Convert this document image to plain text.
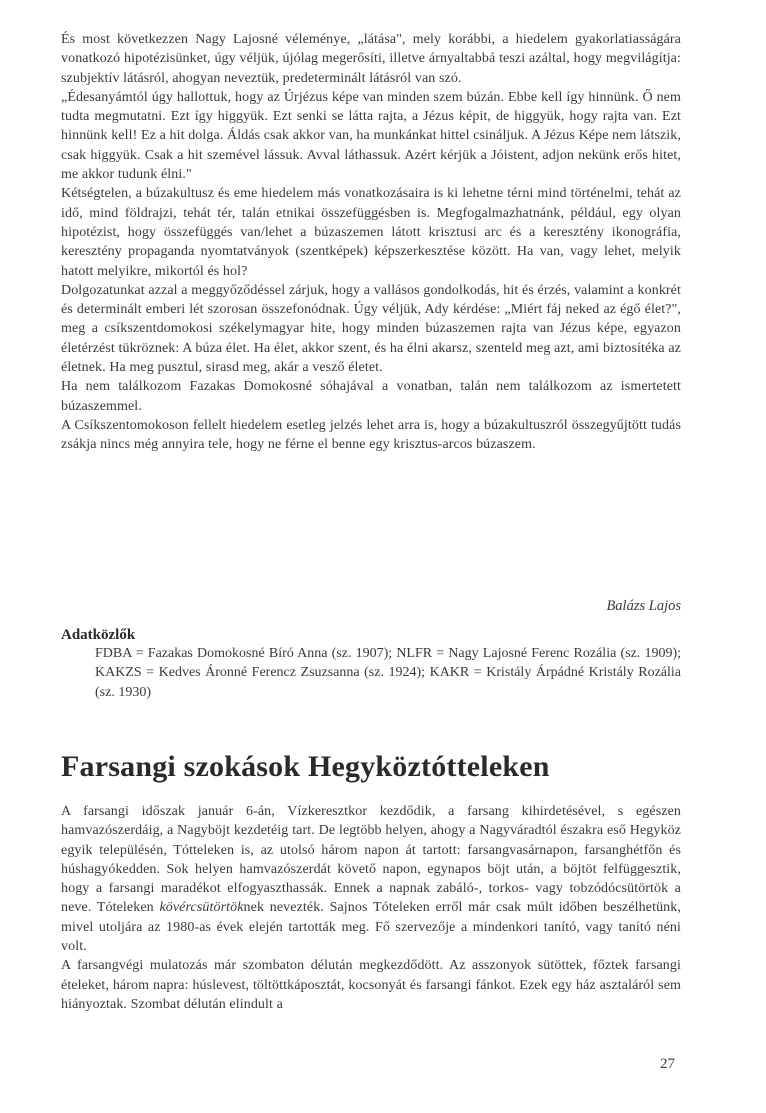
És most következzen Nagy Lajosné véleménye, „látása", mely korábbi, a hiedelem gyakorlatiasságára vonatkozó hipotézisünket, úgy véljük, újólag megerősíti, illetve árnyaltabbá teszi azáltal, hogy megvilágítja: szubjektív látásról, ahogyan neveztük, predeterminált látásról van szó.

„Édesanyámtól úgy hallottuk, hogy az Úrjézus képe van minden szem búzán. Ebbe kell így hinnünk. Ő nem tudta megmutatni. Ezt így higgyük. Ezt senki se látta rajta, a Jézus képit, de higgyük, hogy rajta van. Ezt hinnünk kell! Ez a hit dolga. Áldás csak akkor van, ha munkánkat hittel csináljuk. A Jézus Képe nem látszik, csak higgyük. Csak a hit szemével lássuk. Avval láthassuk. Azért kérjük a Jóistent, adjon nekünk erős hitet, me akkor tudunk élni."

Kétségtelen, a búzakultusz és eme hiedelem más vonatkozásaira is ki lehetne térni mind történelmi, tehát az idő, mind földrajzi, tehát tér, talán etnikai összefüggésben is. Megfogalmazhatnánk, például, egy olyan hipotézist, hogy összefüggés van/lehet a búzaszemen látott krisztusi arc és a keresztény ikonográfia, keresztény propaganda nyomtatványok (szentképek) képszerkesztése között. Ha van, vagy lehet, melyik hatott melyikre, mikortól és hol?

Dolgozatunkat azzal a meggyőződéssel zárjuk, hogy a vallásos gondolkodás, hit és érzés, valamint a konkrét és determinált emberi lét szorosan összefonódnak. Úgy véljük, Ady kérdése: „Miért fáj neked az égő élet?", meg a csíkszentdomokosi székelymagyar hite, hogy minden búzaszemen rajta van Jézus képe, egyazon életérzést tükröznek: A búza élet. Ha élet, akkor szent, és ha élni akarsz, szenteld meg azt, ami biztosítéka az életnek. Ha meg pusztul, sirasd meg, akár a vesző életet.

Ha nem találkozom Fazakas Domokosné sóhajával a vonatban, talán nem találkozom az ismertetett búzaszemmel.

A Csíkszentomokoson fellelt hiedelem esetleg jelzés lehet arra is, hogy a búzakultuszról összegyűjtött tudás zsákja nincs még annyira tele, hogy ne férne el benne egy krisztus-arcos búzaszem.

Balázs Lajos

Adatközlők

FDBA = Fazakas Domokosné Bíró Anna (sz. 1907); NLFR = Nagy Lajosné Ferenc Rozália (sz. 1909); KAKZS = Kedves Áronné Ferencz Zsuzsanna (sz. 1924); KAKR = Kristály Árpádné Kristály Rozália (sz. 1930)

Farsangi szokások Hegyköztótteleken

A farsangi időszak január 6-án, Vízkeresztkor kezdődik, a farsang kihirdetésével, s egészen hamvazószerdáig, a Nagyböjt kezdetéig tart. De legtöbb helyen, ahogy a Nagyváradtól északra eső Hegyköz egyik településén, Tótteleken is, az utolsó három napon át tartott: farsangvasárnapon, farsanghétfőn és húshagyókedden. Sok helyen hamvazószerdát követő napon, egynapos böjt után, a böjtöt felfüggesztik, hogy a farsangi maradékot elfogyaszthassák. Ennek a napnak zabáló-, torkos- vagy tobzódócsütörtök a neve. Tóteleken kövércsütörtöknek nevezték. Sajnos Tóteleken erről már csak múlt időben beszélhetünk, mivel utoljára az 1980-as évek elején tartották meg. Fő szervezője a mindenkori tanító, vagy tanító néni volt.

A farsangvégi mulatozás már szombaton délután megkezdődött. Az asszonyok sütöttek, főztek farsangi ételeket, három napra: húslevest, töltöttkáposztát, kocsonyát és farsangi fánkot. Ezek egy ház asztaláról sem hiányoztak. Szombat délután elindult a

27
